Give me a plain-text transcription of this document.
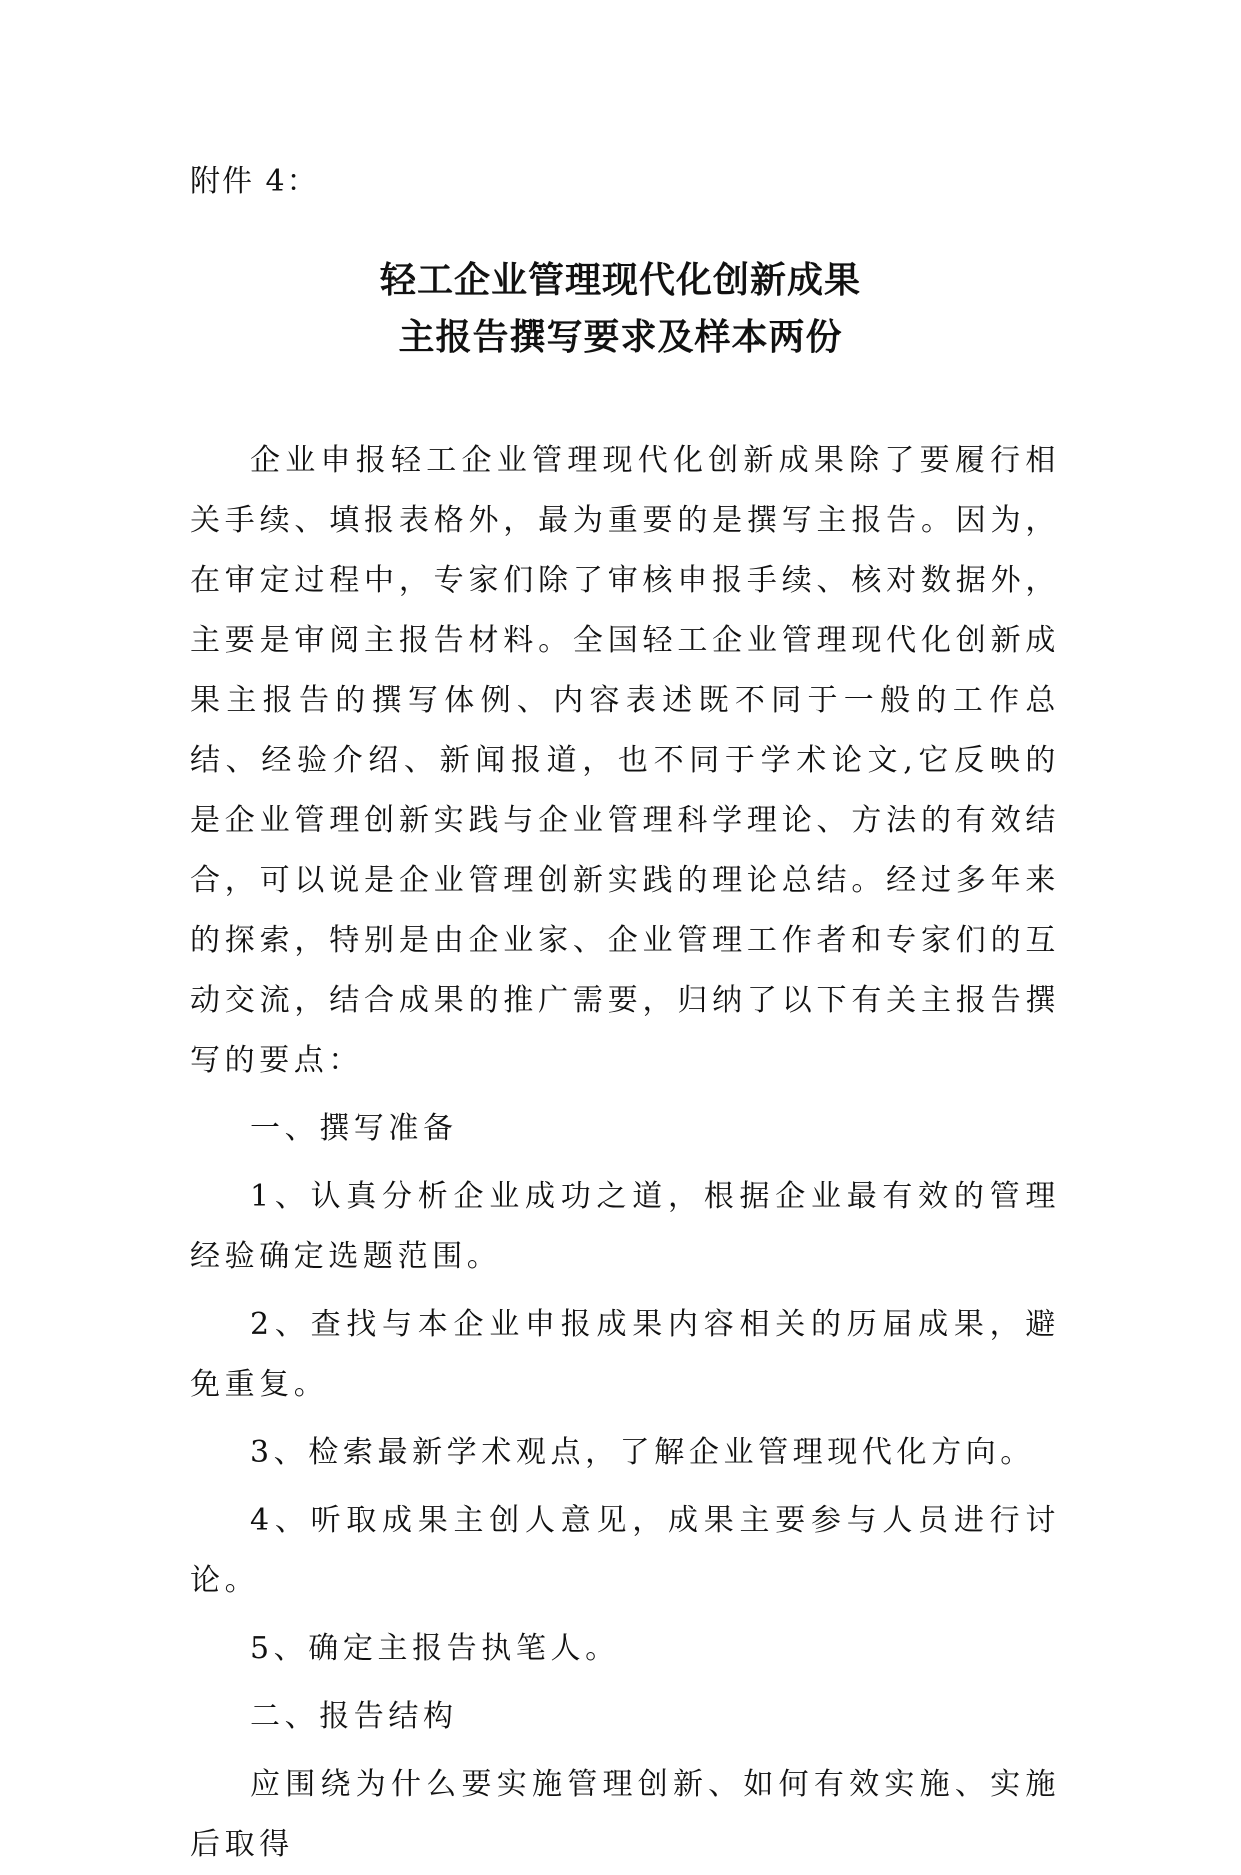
附件 4：
轻工企业管理现代化创新成果
主报告撰写要求及样本两份

企业申报轻工企业管理现代化创新成果除了要履行相关手续、填报表格外，最为重要的是撰写主报告。因为，在审定过程中，专家们除了审核申报手续、核对数据外，主要是审阅主报告材料。全国轻工企业管理现代化创新成果主报告的撰写体例、内容表述既不同于一般的工作总结、经验介绍、新闻报道，也不同于学术论文,它反映的是企业管理创新实践与企业管理科学理论、方法的有效结合，可以说是企业管理创新实践的理论总结。经过多年来的探索，特别是由企业家、企业管理工作者和专家们的互动交流，结合成果的推广需要，归纳了以下有关主报告撰写的要点：

一、撰写准备

1、认真分析企业成功之道，根据企业最有效的管理经验确定选题范围。

2、查找与本企业申报成果内容相关的历届成果，避免重复。

3、检索最新学术观点，了解企业管理现代化方向。

4、听取成果主创人意见，成果主要参与人员进行讨论。

5、确定主报告执笔人。

二、报告结构

应围绕为什么要实施管理创新、如何有效实施、实施后取得
